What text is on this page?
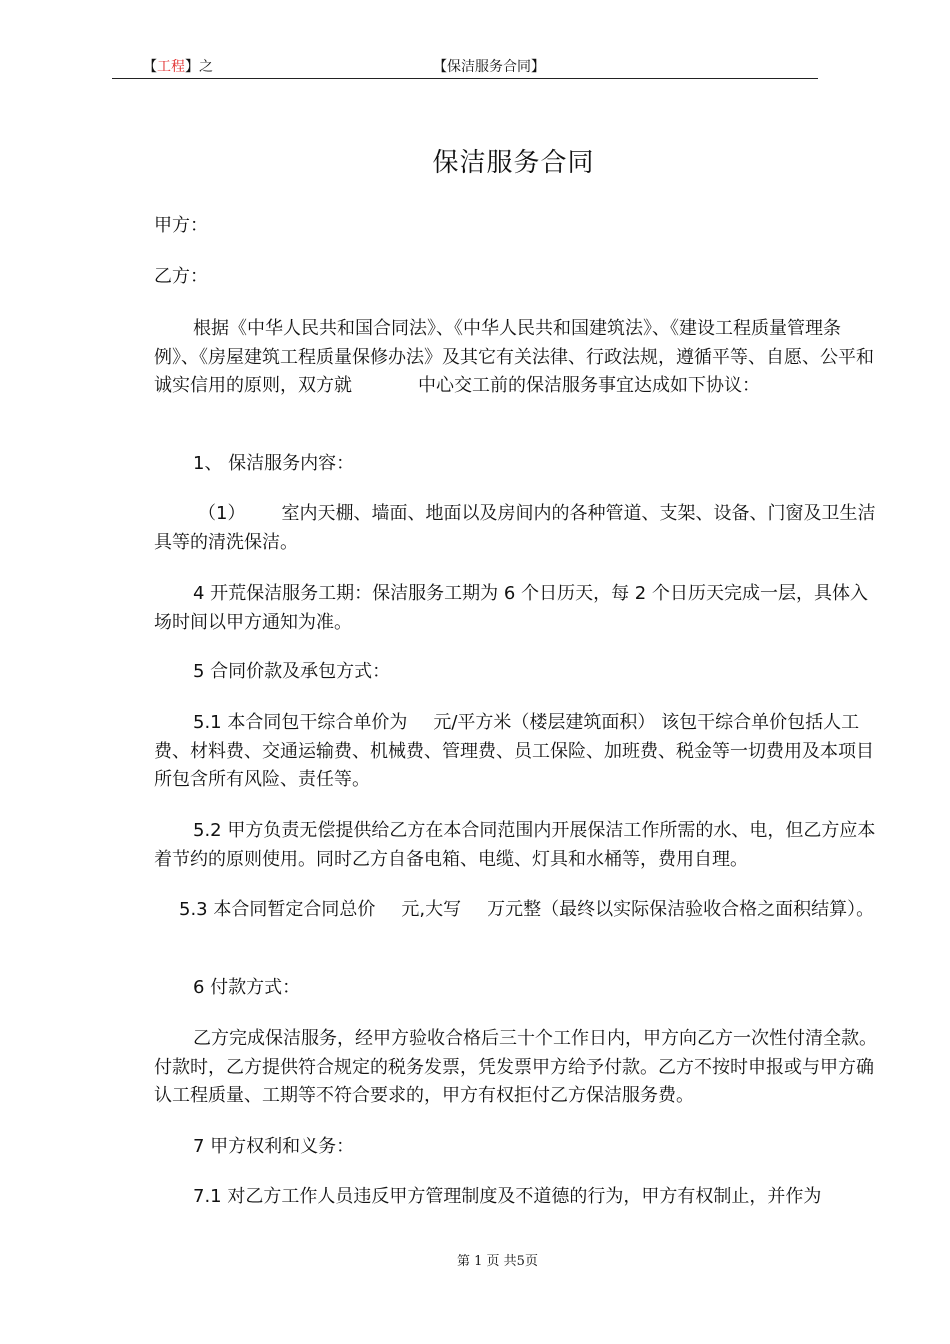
【工程】之	【保洁服务合同】
保洁服务合同

甲方：

乙方：

根据《中华人民共和国合同法》、《中华人民共和国建筑法》、《建设工程质量管理条例》、《房屋建筑工程质量保修办法》及其它有关法律、行政法规，遵循平等、自愿、公平和诚实信用的原则，双方就	中心交工前的保洁服务事宜达成如下协议：

1、 保洁服务内容：

（1） 室内天棚、墙面、地面以及房间内的各种管道、支架、设备、门窗及卫生洁具等的清洗保洁。

4 开荒保洁服务工期：保洁服务工期为 6 个日历天，每 2 个日历天完成一层，具体入场时间以甲方通知为准。

5 合同价款及承包方式：

5.1 本合同包干综合单价为 元/平方米（楼层建筑面积） 该包干综合单价包括人工费、材料费、交通运输费、机械费、管理费、员工保险、加班费、税金等一切费用及本项目所包含所有风险、责任等。

5.2 甲方负责无偿提供给乙方在本合同范围内开展保洁工作所需的水、电，但乙方应本着节约的原则使用。同时乙方自备电箱、电缆、灯具和水桶等，费用自理。

5.3 本合同暂定合同总价 元,大写 万元整（最终以实际保洁验收合格之面积结算）。

6 付款方式：

乙方完成保洁服务，经甲方验收合格后三十个工作日内，甲方向乙方一次性付清全款。付款时，乙方提供符合规定的税务发票，凭发票甲方给予付款。乙方不按时申报或与甲方确认工程质量、工期等不符合要求的，甲方有权拒付乙方保洁服务费。

7 甲方权利和义务：

7.1 对乙方工作人员违反甲方管理制度及不道德的行为，甲方有权制止，并作为

第 1 页 共5页
